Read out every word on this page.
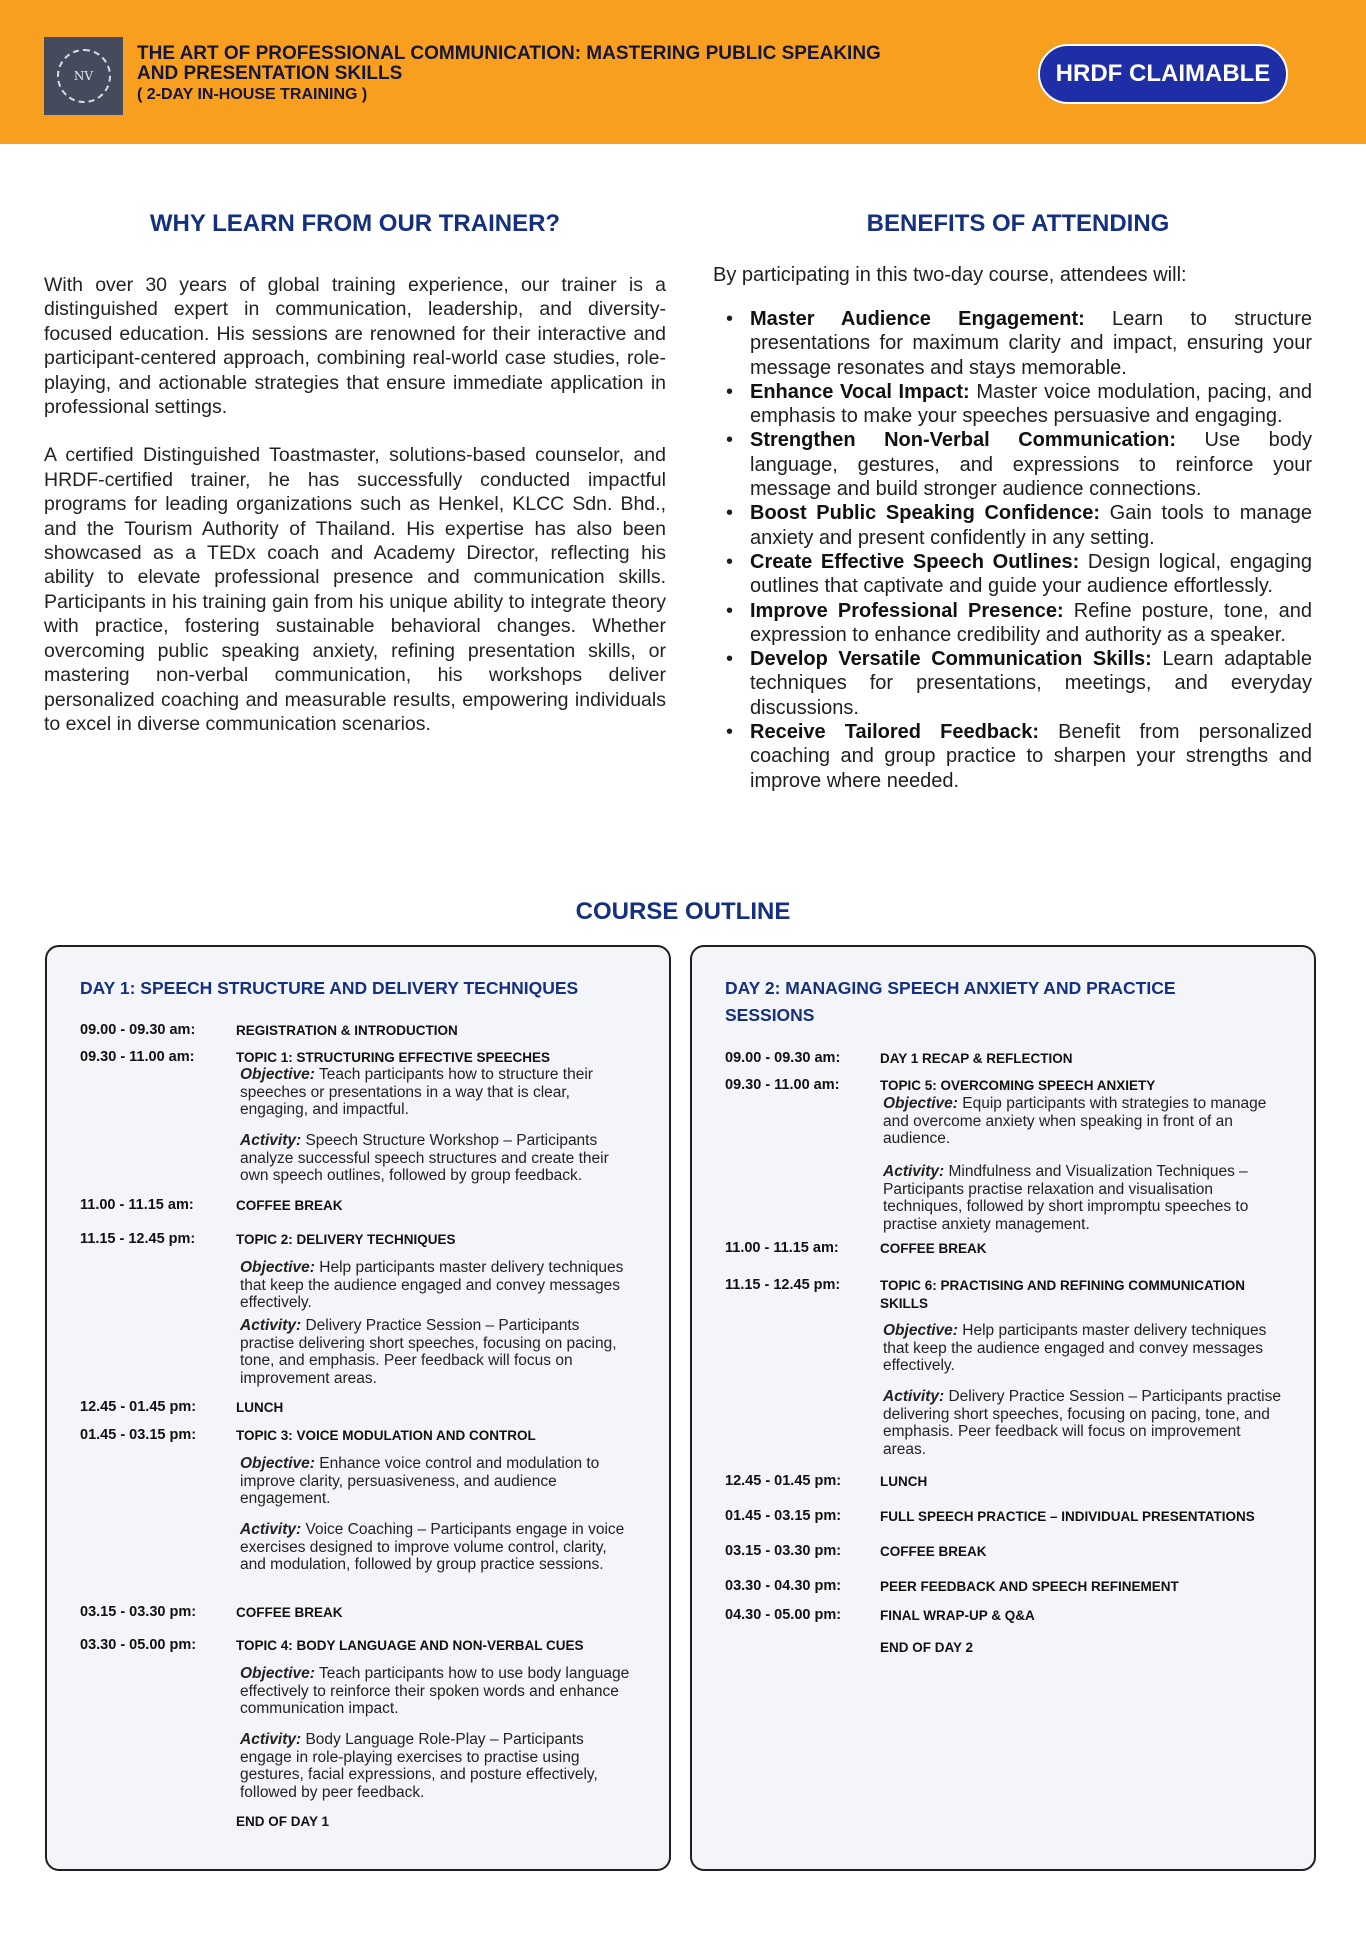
NV
THE ART OF PROFESSIONAL COMMUNICATION: MASTERING PUBLIC SPEAKING AND PRESENTATION SKILLS
( 2-DAY IN-HOUSE TRAINING )
HRDF CLAIMABLE
WHY LEARN FROM OUR TRAINER?

With over 30 years of global training experience, our trainer is a distinguished expert in communication, leadership, and diversity-focused education. His sessions are renowned for their interactive and participant-centered approach, combining real-world case studies, role-playing, and actionable strategies that ensure immediate application in professional settings.

A certified Distinguished Toastmaster, solutions-based counselor, and HRDF-certified trainer, he has successfully conducted impactful programs for leading organizations such as Henkel, KLCC Sdn. Bhd., and the Tourism Authority of Thailand. His expertise has also been showcased as a TEDx coach and Academy Director, reflecting his ability to elevate professional presence and communication skills. Participants in his training gain from his unique ability to integrate theory with practice, fostering sustainable behavioral changes. Whether overcoming public speaking anxiety, refining presentation skills, or mastering non-verbal communication, his workshops deliver personalized coaching and measurable results, empowering individuals to excel in diverse communication scenarios.

BENEFITS OF ATTENDING
By participating in this two-day course, attendees will:
• Master Audience Engagement: Learn to structure presentations for maximum clarity and impact, ensuring your message resonates and stays memorable.
• Enhance Vocal Impact: Master voice modulation, pacing, and emphasis to make your speeches persuasive and engaging.
• Strengthen Non-Verbal Communication: Use body language, gestures, and expressions to reinforce your message and build stronger audience connections.
• Boost Public Speaking Confidence: Gain tools to manage anxiety and present confidently in any setting.
• Create Effective Speech Outlines: Design logical, engaging outlines that captivate and guide your audience effortlessly.
• Improve Professional Presence: Refine posture, tone, and expression to enhance credibility and authority as a speaker.
• Develop Versatile Communication Skills: Learn adaptable techniques for presentations, meetings, and everyday discussions.
• Receive Tailored Feedback: Benefit from personalized coaching and group practice to sharpen your strengths and improve where needed.
COURSE OUTLINE
DAY 1: SPEECH STRUCTURE AND DELIVERY TECHNIQUES
09.00 - 09.30 am:	REGISTRATION & INTRODUCTION
09.30 - 11.00 am:	TOPIC 1: STRUCTURING EFFECTIVE SPEECHES
Objective: Teach participants how to structure their speeches or presentations in a way that is clear, engaging, and impactful.
Activity: Speech Structure Workshop – Participants analyze successful speech structures and create their own speech outlines, followed by group feedback.
11.00 - 11.15 am:	COFFEE BREAK
11.15 - 12.45 pm:	TOPIC 2: DELIVERY TECHNIQUES
Objective: Help participants master delivery techniques that keep the audience engaged and convey messages effectively.
Activity: Delivery Practice Session – Participants practise delivering short speeches, focusing on pacing, tone, and emphasis. Peer feedback will focus on improvement areas.
12.45 - 01.45 pm:	LUNCH
01.45 - 03.15 pm:	TOPIC 3: VOICE MODULATION AND CONTROL
Objective: Enhance voice control and modulation to improve clarity, persuasiveness, and audience engagement.
Activity: Voice Coaching – Participants engage in voice exercises designed to improve volume control, clarity, and modulation, followed by group practice sessions.
03.15 - 03.30 pm:	COFFEE BREAK
03.30 - 05.00 pm:	TOPIC 4: BODY LANGUAGE AND NON-VERBAL CUES
Objective: Teach participants how to use body language effectively to reinforce their spoken words and enhance communication impact.
Activity: Body Language Role-Play – Participants engage in role-playing exercises to practise using gestures, facial expressions, and posture effectively, followed by peer feedback.
END OF DAY 1
DAY 2: MANAGING SPEECH ANXIETY AND PRACTICE SESSIONS
09.00 - 09.30 am:	DAY 1 RECAP & REFLECTION
09.30 - 11.00 am:	TOPIC 5: OVERCOMING SPEECH ANXIETY
Objective: Equip participants with strategies to manage and overcome anxiety when speaking in front of an audience.
Activity: Mindfulness and Visualization Techniques – Participants practise relaxation and visualisation techniques, followed by short impromptu speeches to practise anxiety management.
11.00 - 11.15 am:	COFFEE BREAK
11.15 - 12.45 pm:	TOPIC 6: PRACTISING AND REFINING COMMUNICATION SKILLS
Objective: Help participants master delivery techniques that keep the audience engaged and convey messages effectively.
Activity: Delivery Practice Session – Participants practise delivering short speeches, focusing on pacing, tone, and emphasis. Peer feedback will focus on improvement areas.
12.45 - 01.45 pm:	LUNCH
01.45 - 03.15 pm:	FULL SPEECH PRACTICE – INDIVIDUAL PRESENTATIONS
03.15 - 03.30 pm:	COFFEE BREAK
03.30 - 04.30 pm:	PEER FEEDBACK AND SPEECH REFINEMENT
04.30 - 05.00 pm:	FINAL WRAP-UP & Q&A
END OF DAY 2
